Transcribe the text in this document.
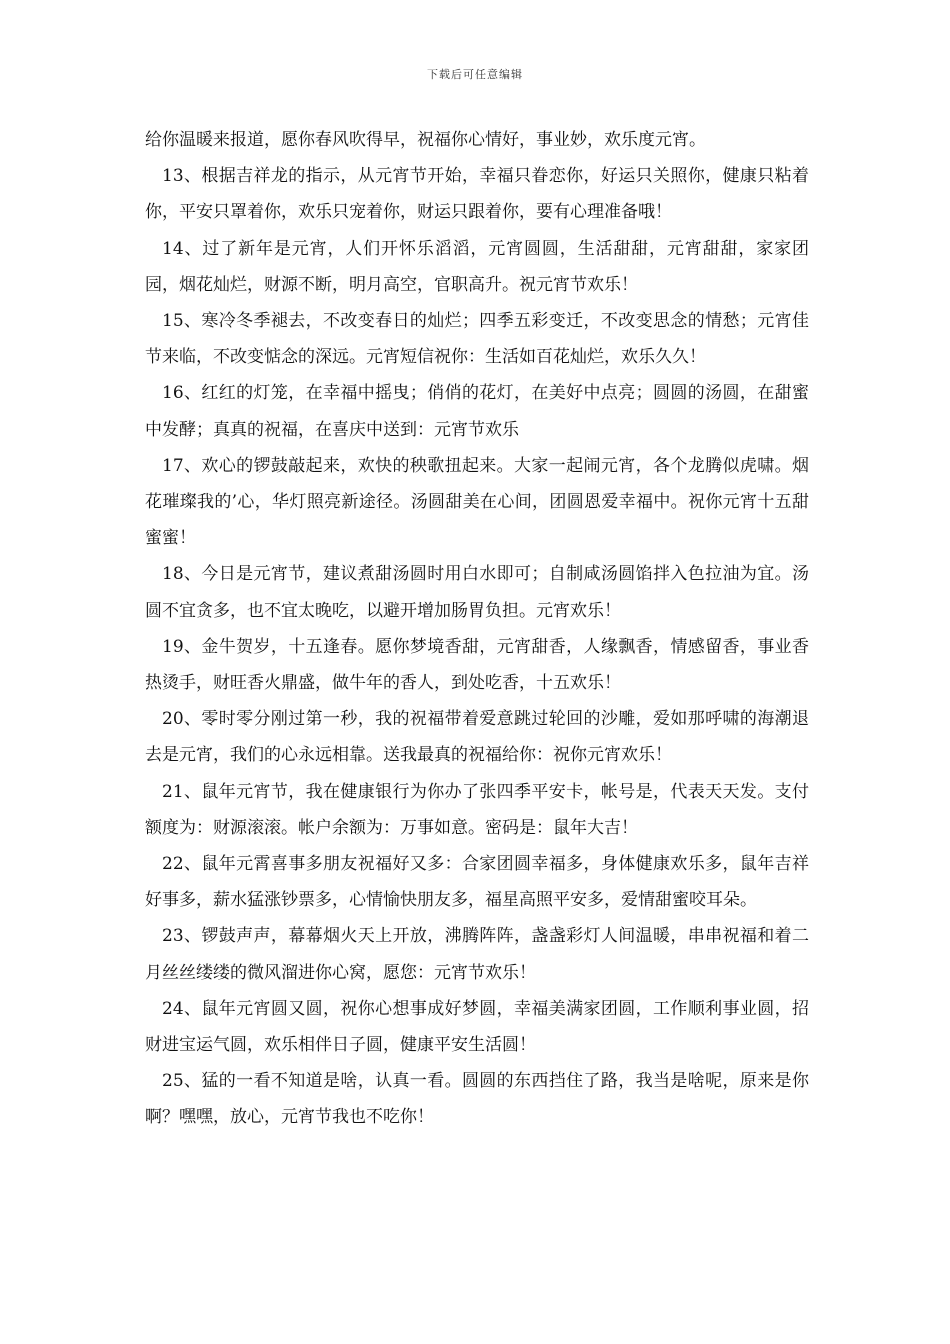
下载后可任意编辑

给你温暖来报道，愿你春风吹得早，祝福你心情好，事业妙，欢乐度元宵。

13、根据吉祥龙的指示，从元宵节开始，幸福只眷恋你，好运只关照你，健康只粘着你，平安只罩着你，欢乐只宠着你，财运只跟着你，要有心理准备哦！

14、过了新年是元宵，人们开怀乐滔滔，元宵圆圆，生活甜甜，元宵甜甜，家家团园，烟花灿烂，财源不断，明月高空，官职高升。祝元宵节欢乐！

15、寒冷冬季褪去，不改变春日的灿烂；四季五彩变迁，不改变思念的情愁；元宵佳节来临，不改变惦念的深远。元宵短信祝你：生活如百花灿烂，欢乐久久！

16、红红的灯笼，在幸福中摇曳；俏俏的花灯，在美好中点亮；圆圆的汤圆，在甜蜜中发酵；真真的祝福，在喜庆中送到：元宵节欢乐

17、欢心的锣鼓敲起来，欢快的秧歌扭起来。大家一起闹元宵，各个龙腾似虎啸。烟花璀璨我的’心，华灯照亮新途径。汤圆甜美在心间，团圆恩爱幸福中。祝你元宵十五甜蜜蜜！

18、今日是元宵节，建议煮甜汤圆时用白水即可；自制咸汤圆馅拌入色拉油为宜。汤圆不宜贪多，也不宜太晚吃，以避开增加肠胃负担。元宵欢乐！

19、金牛贺岁，十五逢春。愿你梦境香甜，元宵甜香，人缘飘香，情感留香，事业香热烫手，财旺香火鼎盛，做牛年的香人，到处吃香，十五欢乐！

20、零时零分刚过第一秒，我的祝福带着爱意跳过轮回的沙雕，爱如那呼啸的海潮退去是元宵，我们的心永远相靠。送我最真的祝福给你：祝你元宵欢乐！

21、鼠年元宵节，我在健康银行为你办了张四季平安卡，帐号是，代表天天发。支付额度为：财源滚滚。帐户余额为：万事如意。密码是：鼠年大吉！

22、鼠年元霄喜事多朋友祝福好又多：合家团圆幸福多，身体健康欢乐多，鼠年吉祥好事多，薪水猛涨钞票多，心情愉快朋友多，福星高照平安多，爱情甜蜜咬耳朵。

23、锣鼓声声，幕幕烟火天上开放，沸腾阵阵，盏盏彩灯人间温暖，串串祝福和着二月丝丝缕缕的微风溜进你心窝，愿您：元宵节欢乐！

24、鼠年元宵圆又圆，祝你心想事成好梦圆，幸福美满家团圆，工作顺利事业圆，招财进宝运气圆，欢乐相伴日子圆，健康平安生活圆！

25、猛的一看不知道是啥，认真一看。圆圆的东西挡住了路，我当是啥呢，原来是你啊？嘿嘿，放心，元宵节我也不吃你！
